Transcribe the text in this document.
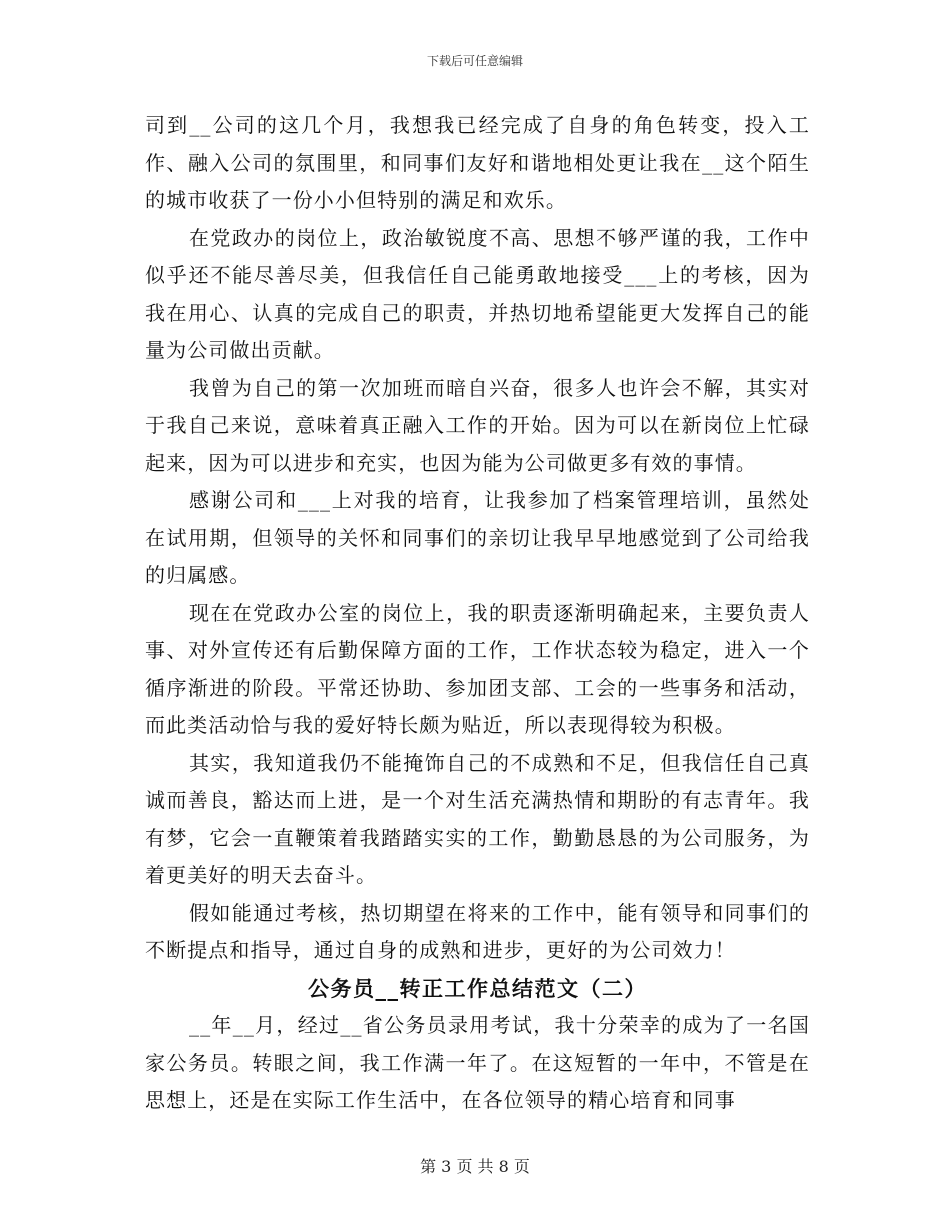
下载后可任意编辑

司到__公司的这几个月，我想我已经完成了自身的角色转变，投入工作、融入公司的氛围里，和同事们友好和谐地相处更让我在__这个陌生的城市收获了一份小小但特别的满足和欢乐。

在党政办的岗位上，政治敏锐度不高、思想不够严谨的我，工作中似乎还不能尽善尽美，但我信任自己能勇敢地接受___上的考核，因为我在用心、认真的完成自己的职责，并热切地希望能更大发挥自己的能量为公司做出贡献。

我曾为自己的第一次加班而暗自兴奋，很多人也许会不解，其实对于我自己来说，意味着真正融入工作的开始。因为可以在新岗位上忙碌起来，因为可以进步和充实，也因为能为公司做更多有效的事情。

感谢公司和___上对我的培育，让我参加了档案管理培训，虽然处在试用期，但领导的关怀和同事们的亲切让我早早地感觉到了公司给我的归属感。

现在在党政办公室的岗位上，我的职责逐渐明确起来，主要负责人事、对外宣传还有后勤保障方面的工作，工作状态较为稳定，进入一个循序渐进的阶段。平常还协助、参加团支部、工会的一些事务和活动，而此类活动恰与我的爱好特长颇为贴近，所以表现得较为积极。

其实，我知道我仍不能掩饰自己的不成熟和不足，但我信任自己真诚而善良，豁达而上进，是一个对生活充满热情和期盼的有志青年。我有梦，它会一直鞭策着我踏踏实实的工作，勤勤恳恳的为公司服务，为着更美好的明天去奋斗。

假如能通过考核，热切期望在将来的工作中，能有领导和同事们的不断提点和指导，通过自身的成熟和进步，更好的为公司效力！

公务员__转正工作总结范文（二）

__年__月，经过__省公务员录用考试，我十分荣幸的成为了一名国家公务员。转眼之间，我工作满一年了。在这短暂的一年中，不管是在思想上，还是在实际工作生活中，在各位领导的精心培育和同事

第 3 页 共 8 页
